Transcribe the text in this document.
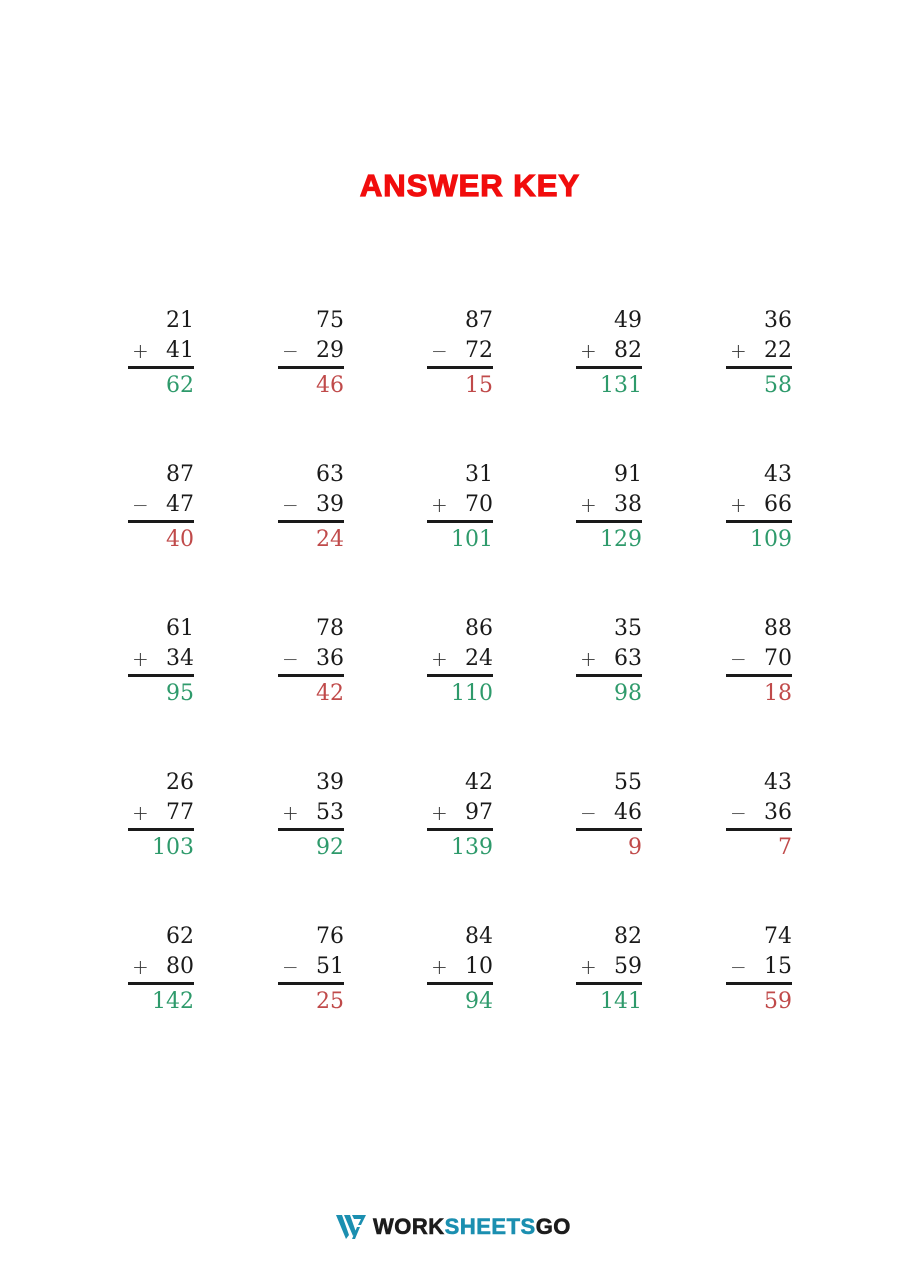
ANSWER KEY
21
+ 41
62
75
− 29
46
87
− 72
15
49
+ 82
131
36
+ 22
58
87
− 47
40
63
− 39
24
31
+ 70
101
91
+ 38
129
43
+ 66
109
61
+ 34
95
78
− 36
42
86
+ 24
110
35
+ 63
98
88
− 70
18
26
+ 77
103
39
+ 53
92
42
+ 97
139
55
− 46
9
43
− 36
7
62
+ 80
142
76
− 51
25
84
+ 10
94
82
+ 59
141
74
− 15
59
WORKSHEETSGO
